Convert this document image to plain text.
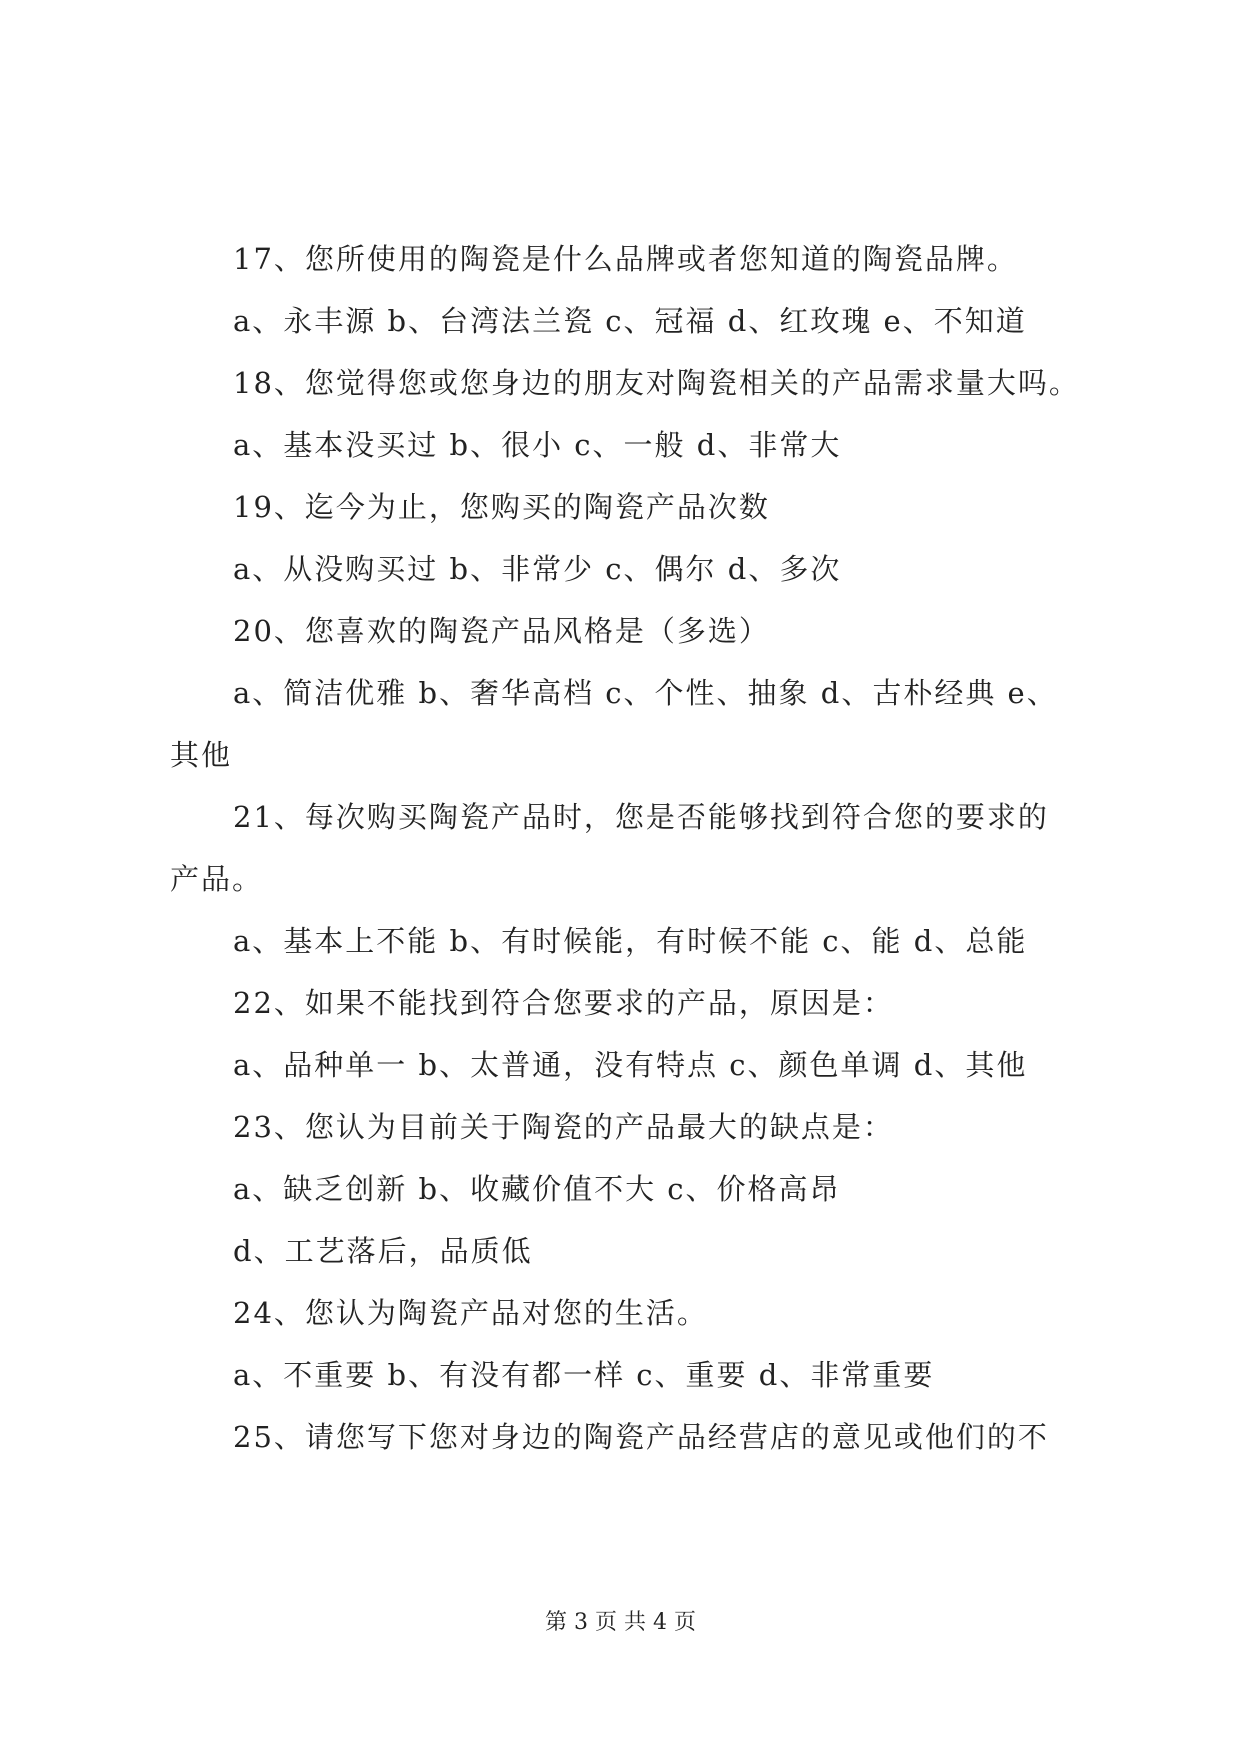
17、您所使用的陶瓷是什么品牌或者您知道的陶瓷品牌。
a、永丰源 b、台湾法兰瓷 c、冠福 d、红玫瑰 e、不知道
18、您觉得您或您身边的朋友对陶瓷相关的产品需求量大吗。
a、基本没买过 b、很小 c、一般 d、非常大
19、迄今为止，您购买的陶瓷产品次数
a、从没购买过 b、非常少 c、偶尔 d、多次
20、您喜欢的陶瓷产品风格是（多选）
a、简洁优雅 b、奢华高档 c、个性、抽象 d、古朴经典 e、
其他
21、每次购买陶瓷产品时，您是否能够找到符合您的要求的
产品。
a、基本上不能 b、有时候能，有时候不能 c、能 d、总能
22、如果不能找到符合您要求的产品，原因是：
a、品种单一 b、太普通，没有特点 c、颜色单调 d、其他
23、您认为目前关于陶瓷的产品最大的缺点是：
a、缺乏创新 b、收藏价值不大 c、价格高昂
d、工艺落后，品质低
24、您认为陶瓷产品对您的生活。
a、不重要 b、有没有都一样 c、重要 d、非常重要
25、请您写下您对身边的陶瓷产品经营店的意见或他们的不
第 3 页 共 4 页
